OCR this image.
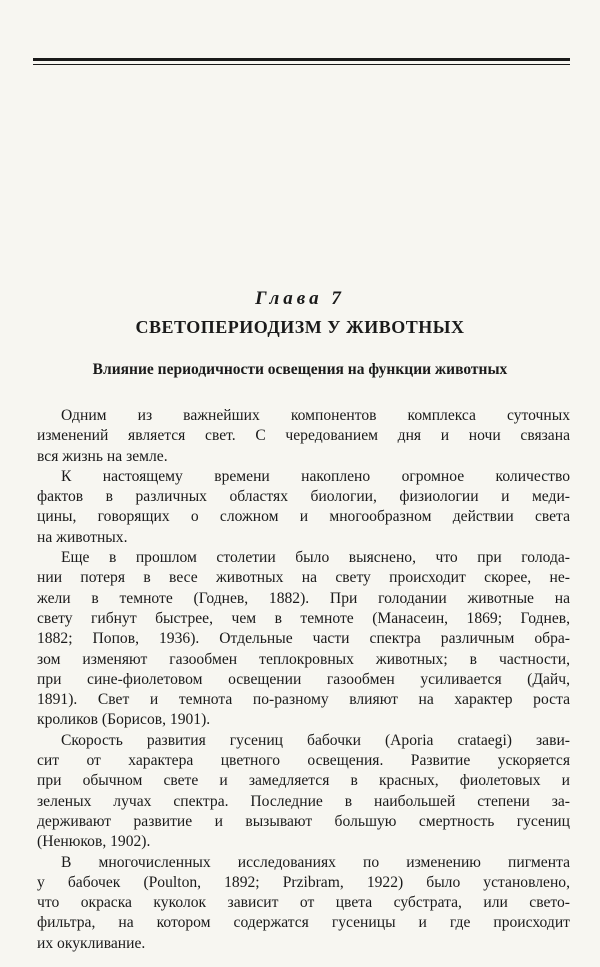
Глава 7
СВЕТОПЕРИОДИЗМ У ЖИВОТНЫХ
Влияние периодичности освещения на функции животных

Одним из важнейших компонентов комплекса суточных
изменений является свет. С чередованием дня и ночи связана
вся жизнь на земле.

К настоящему времени накоплено огромное количество
фактов в различных областях биологии, физиологии и меди-
цины, говорящих о сложном и многообразном действии света
на животных.

Еще в прошлом столетии было выяснено, что при голода-
нии потеря в весе животных на свету происходит скорее, не-
жели в темноте (Годнев, 1882). При голодании животные на
свету гибнут быстрее, чем в темноте (Манасеин, 1869; Годнев,
1882; Попов, 1936). Отдельные части спектра различным обра-
зом изменяют газообмен теплокровных животных; в частности,
при сине-фиолетовом освещении газообмен усиливается (Дайч,
1891). Свет и темнота по-разному влияют на характер роста
кроликов (Борисов, 1901).

Скорость развития гусениц бабочки (Aporia crataegi) зави-
сит от характера цветного освещения. Развитие ускоряется
при обычном свете и замедляется в красных, фиолетовых и
зеленых лучах спектра. Последние в наибольшей степени за-
держивают развитие и вызывают большую смертность гусениц
(Ненюков, 1902).

В многочисленных исследованиях по изменению пигмента
у бабочек (Poulton, 1892; Przibram, 1922) было установлено,
что окраска куколок зависит от цвета субстрата, или свето-
фильтра, на котором содержатся гусеницы и где происходит
их окукливание.
